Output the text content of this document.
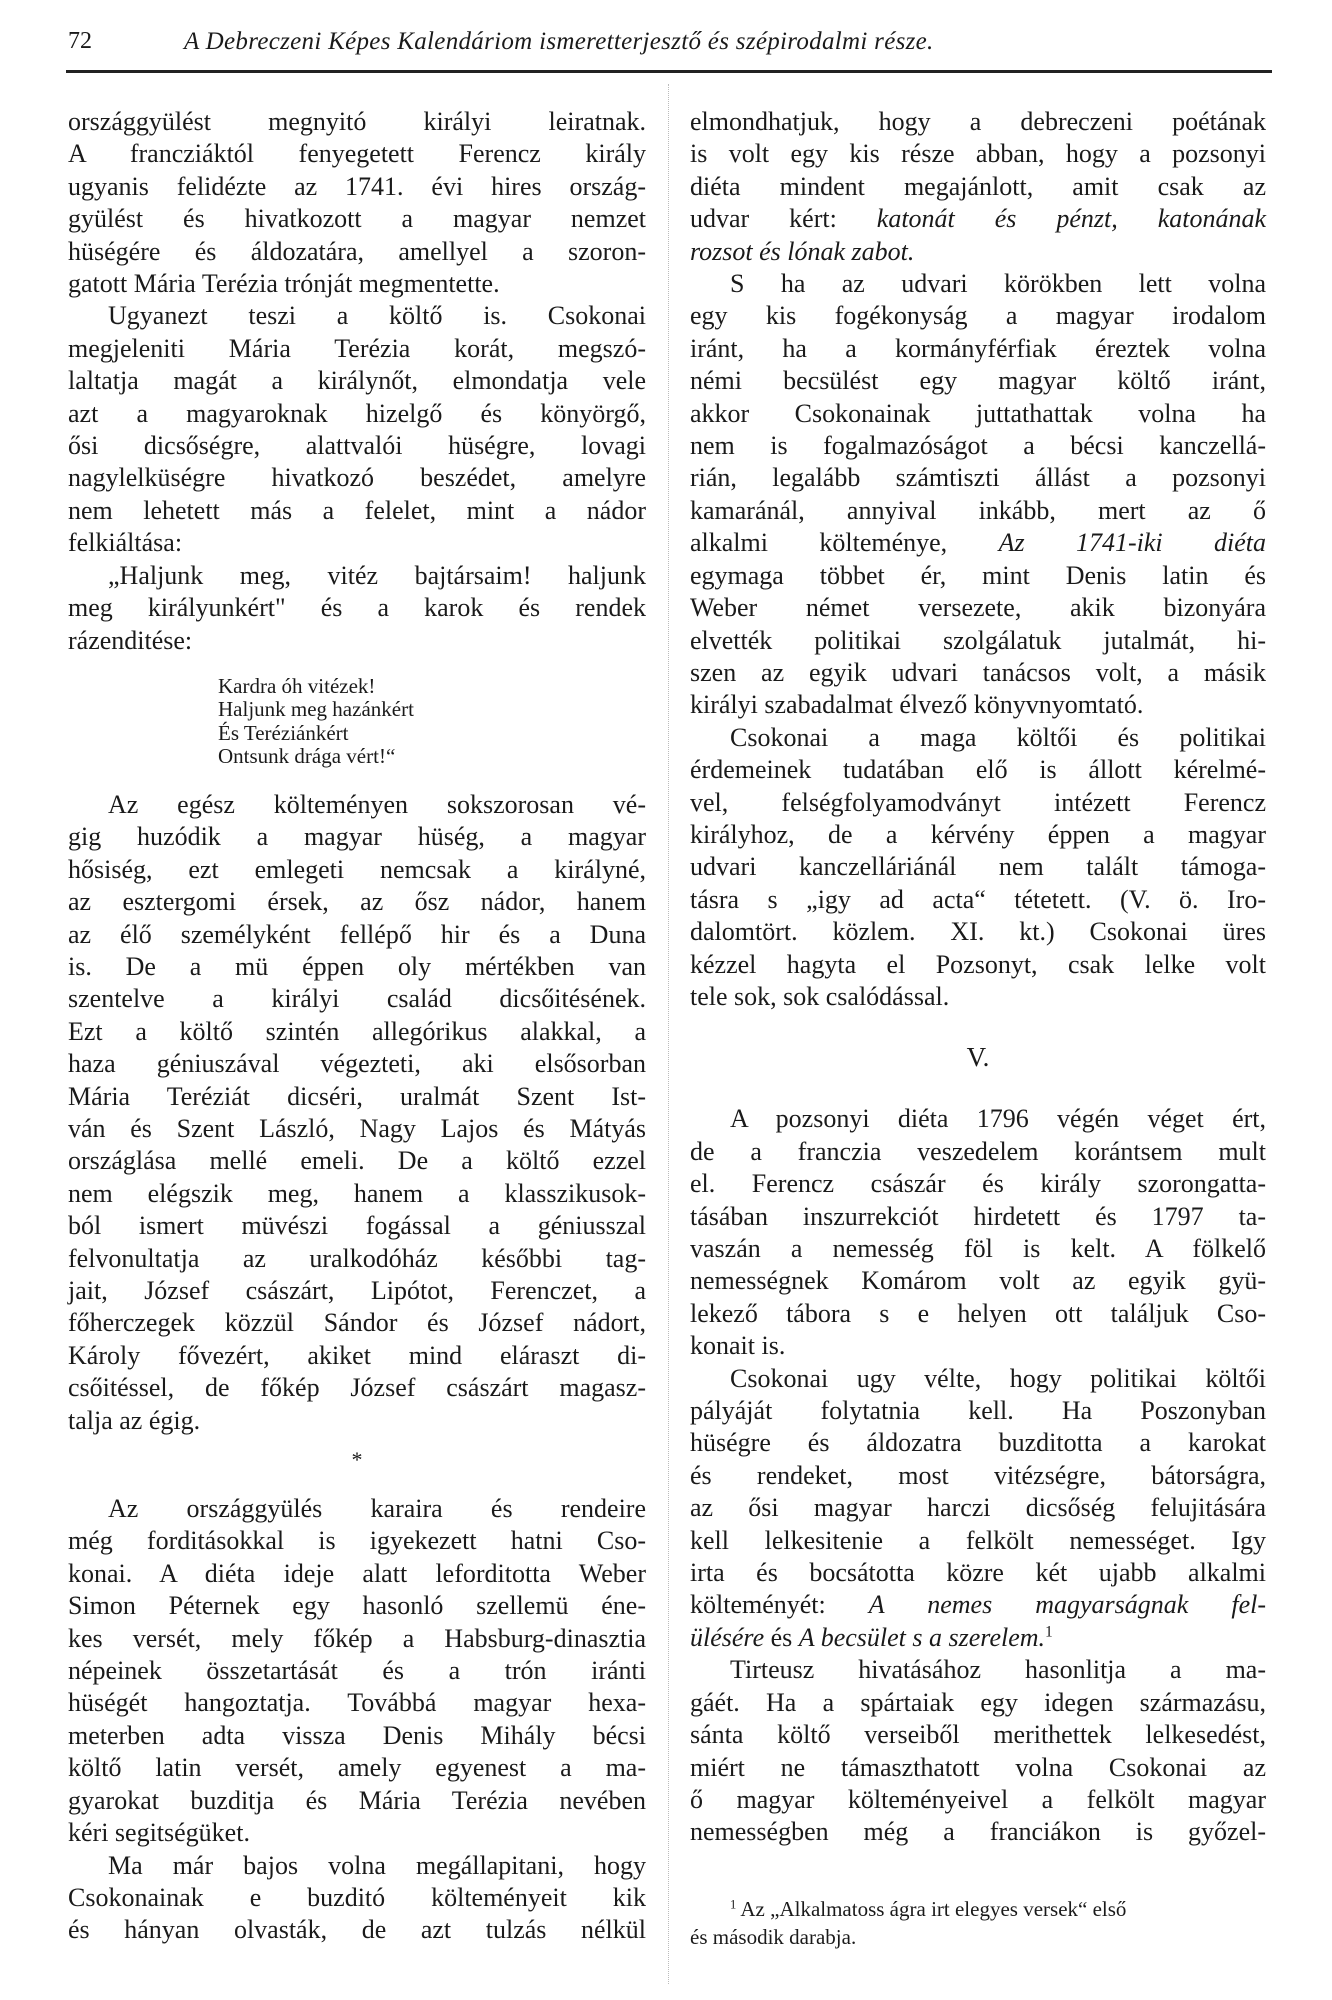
72	A Debreczeni Képes Kalendáriom ismeretterjesztő és szépirodalmi része.
országgyülést megnyitó királyi leiratnak.
A francziáktól fenyegetett Ferencz király
ugyanis felidézte az 1741. évi hires ország-
gyülést és hivatkozott a magyar nemzet
hüségére és áldozatára, amellyel a szoron-
gatott Mária Terézia trónját megmentette.
Ugyanezt teszi a költő is. Csokonai
megjeleniti Mária Terézia korát, megszó-
laltatja magát a királynőt, elmondatja vele
azt a magyaroknak hizelgő és könyörgő,
ősi dicsőségre, alattvalói hüségre, lovagi
nagylelküségre hivatkozó beszédet, amelyre
nem lehetett más a felelet, mint a nádor
felkiáltása:
„Haljunk meg, vitéz bajtársaim! haljunk
meg királyunkért" és a karok és rendek
rázenditése:
Kardra óh vitézek!
Haljunk meg hazánkért
És Teréziánkért
Ontsunk drága vért!“
Az egész költeményen sokszorosan vé-
gig huzódik a magyar hüség, a magyar
hősiség, ezt emlegeti nemcsak a királyné,
az esztergomi érsek, az ősz nádor, hanem
az élő személyként fellépő hir és a Duna
is. De a mü éppen oly mértékben van
szentelve a királyi család dicsőitésének.
Ezt a költő szintén allegórikus alakkal, a
haza géniuszával végezteti, aki elsősorban
Mária Teréziát dicséri, uralmát Szent Ist-
ván és Szent László, Nagy Lajos és Mátyás
országlása mellé emeli. De a költő ezzel
nem elégszik meg, hanem a klasszikusok-
ból ismert müvészi fogással a géniusszal
felvonultatja az uralkodóház későbbi tag-
jait, József császárt, Lipótot, Ferenczet, a
főherczegek közzül Sándor és József nádort,
Károly fővezért, akiket mind eláraszt di-
csőitéssel, de főkép József császárt magasz-
talja az égig.
*
Az országgyülés karaira és rendeire
még forditásokkal is igyekezett hatni Cso-
konai. A diéta ideje alatt leforditotta Weber
Simon Péternek egy hasonló szellemü éne-
kes versét, mely főkép a Habsburg-dinasztia
népeinek összetartását és a trón iránti
hüségét hangoztatja. Továbbá magyar hexa-
meterben adta vissza Denis Mihály bécsi
költő latin versét, amely egyenest a ma-
gyarokat buzditja és Mária Terézia nevében
kéri segitségüket.
Ma már bajos volna megállapitani, hogy
Csokonainak e buzditó költeményeit kik
és hányan olvasták, de azt tulzás nélkül
elmondhatjuk, hogy a debreczeni poétának
is volt egy kis része abban, hogy a pozsonyi
diéta mindent megajánlott, amit csak az
udvar kért: katonát és pénzt, katonának
rozsot és lónak zabot.
S ha az udvari körökben lett volna
egy kis fogékonyság a magyar irodalom
iránt, ha a kormányférfiak éreztek volna
némi becsülést egy magyar költő iránt,
akkor Csokonainak juttathattak volna ha
nem is fogalmazóságot a bécsi kanczellá-
rián, legalább számtiszti állást a pozsonyi
kamaránál, annyival inkább, mert az ő
alkalmi költeménye, Az 1741-iki diéta
egymaga többet ér, mint Denis latin és
Weber német versezete, akik bizonyára
elvették politikai szolgálatuk jutalmát, hi-
szen az egyik udvari tanácsos volt, a másik
királyi szabadalmat élvező könyvnyomtató.
Csokonai a maga költői és politikai
érdemeinek tudatában elő is állott kérelmé-
vel, felségfolyamodványt intézett Ferencz
királyhoz, de a kérvény éppen a magyar
udvari kanczelláriánál nem talált támoga-
tásra s „igy ad acta“ tétetett. (V. ö. Iro-
dalomtört. közlem. XI. kt.) Csokonai üres
kézzel hagyta el Pozsonyt, csak lelke volt
tele sok, sok csalódással.
V.
A pozsonyi diéta 1796 végén véget ért,
de a franczia veszedelem korántsem mult
el. Ferencz császár és király szorongatta-
tásában inszurrekciót hirdetett és 1797 ta-
vaszán a nemesség föl is kelt. A fölkelő
nemességnek Komárom volt az egyik gyü-
lekező tábora s e helyen ott találjuk Cso-
konait is.
Csokonai ugy vélte, hogy politikai költői
pályáját folytatnia kell. Ha Poszonyban
hüségre és áldozatra buzditotta a karokat
és rendeket, most vitézségre, bátorságra,
az ősi magyar harczi dicsőség felujitására
kell lelkesitenie a felkölt nemességet. Igy
irta és bocsátotta közre két ujabb alkalmi
költeményét: A nemes magyarságnak fel-
ülésére és A becsület s a szerelem.$^1$
Tirteusz hivatásához hasonlitja a ma-
gáét. Ha a spártaiak egy idegen származásu,
sánta költő verseiből merithettek lelkesedést,
miért ne támaszthatott volna Csokonai az
ő magyar költeményeivel a felkölt magyar
nemességben még a franciákon is győzel-
$^1$ Az „Alkalmatoss ágra irt elegyes versek“ első
és második darabja.
